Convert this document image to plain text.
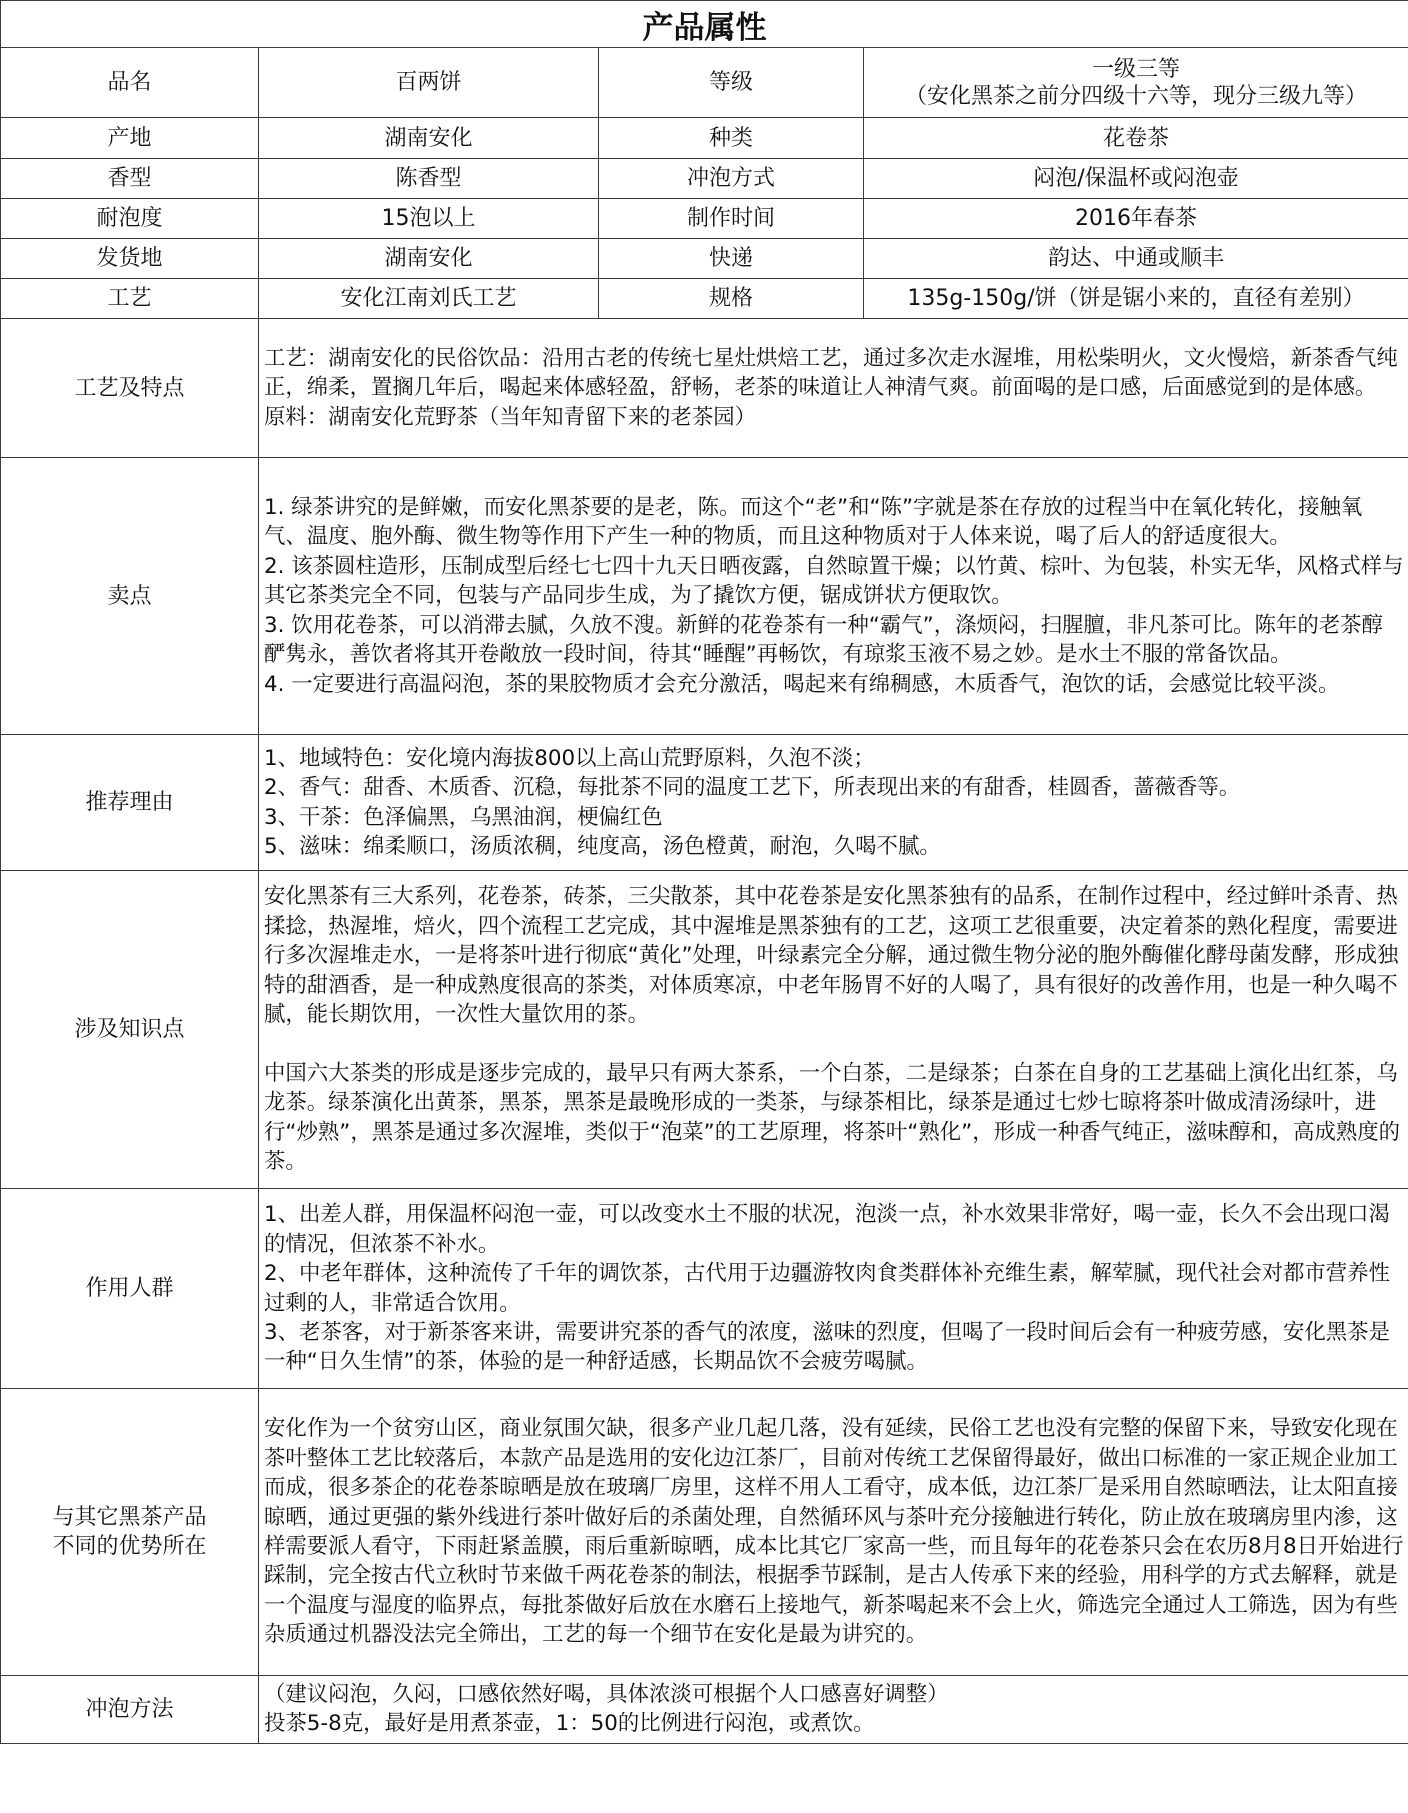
产品属性			
品名	百两饼	等级	一级三等
（安化黑茶之前分四级十六等，现分三级九等）

产地	湖南安化	种类	花卷茶
香型	陈香型	冲泡方式	闷泡/保温杯或闷泡壶
耐泡度	15泡以上	制作时间	2016年春茶
发货地	湖南安化	快递	韵达、中通或顺丰
工艺	安化江南刘氏工艺	规格	135g-150g/饼（饼是锯小来的，直径有差别）
工艺及特点	工艺：湖南安化的民俗饮品：沿用古老的传统七星灶烘焙工艺，通过多次走水渥堆，用松柴明火，文火慢焙，新茶香气纯正，绵柔，置搁几年后，喝起来体感轻盈，舒畅，老茶的味道让人神清气爽。前面喝的是口感，后面感觉到的是体感。

原料：湖南安化荒野茶（当年知青留下来的老茶园）		

卖点	1. 绿茶讲究的是鲜嫩，而安化黑茶要的是老，陈。而这个“老”和“陈”字就是茶在存放的过程当中在氧化转化，接触氧气、温度、胞外酶、微生物等作用下产生一种的物质，而且这种物质对于人体来说，喝了后人的舒适度很大。

2. 该茶圆柱造形，压制成型后经七七四十九天日晒夜露，自然晾置干燥；以竹黄、棕叶、为包装，朴实无华，风格式样与其它茶类完全不同，包装与产品同步生成，为了撬饮方便，锯成饼状方便取饮。

3. 饮用花卷茶，可以消滞去腻，久放不溲。新鲜的花卷茶有一种“霸气”，涤烦闷，扫腥膻，非凡茶可比。陈年的老茶醇酽隽永，善饮者将其开卷敞放一段时间，待其“睡醒”再畅饮，有琼浆玉液不易之妙。是水土不服的常备饮品。

4. 一定要进行高温闷泡，茶的果胶物质才会充分激活，喝起来有绵稠感，木质香气，泡饮的话，会感觉比较平淡。		

推荐理由	1、地域特色：安化境内海拔800以上高山荒野原料，久泡不淡；

2、香气：甜香、木质香、沉稳，每批茶不同的温度工艺下，所表现出来的有甜香，桂圆香，蔷薇香等。

3、干茶：色泽偏黑，乌黑油润，梗偏红色

5、滋味：绵柔顺口，汤质浓稠，纯度高，汤色橙黄，耐泡，久喝不腻。		

涉及知识点	安化黑茶有三大系列，花卷茶，砖茶，三尖散茶，其中花卷茶是安化黑茶独有的品系，在制作过程中，经过鲜叶杀青、热揉捻，热渥堆，焙火，四个流程工艺完成，其中渥堆是黑茶独有的工艺，这项工艺很重要，决定着茶的熟化程度，需要进行多次渥堆走水，一是将茶叶进行彻底“黄化”处理，叶绿素完全分解，通过微生物分泌的胞外酶催化酵母菌发酵，形成独特的甜酒香，是一种成熟度很高的茶类，对体质寒凉，中老年肠胃不好的人喝了，具有很好的改善作用，也是一种久喝不腻，能长期饮用，一次性大量饮用的茶。

中国六大茶类的形成是逐步完成的，最早只有两大茶系，一个白茶，二是绿茶；白茶在自身的工艺基础上演化出红茶，乌龙茶。绿茶演化出黄茶，黑茶，黑茶是最晚形成的一类茶，与绿茶相比，绿茶是通过七炒七晾将茶叶做成清汤绿叶，进行“炒熟”，黑茶是通过多次渥堆，类似于“泡菜”的工艺原理，将茶叶“熟化”，形成一种香气纯正，滋味醇和，高成熟度的茶。		

作用人群	1、出差人群，用保温杯闷泡一壶，可以改变水土不服的状况，泡淡一点，补水效果非常好，喝一壶，长久不会出现口渴的情况，但浓茶不补水。

2、中老年群体，这种流传了千年的调饮茶，古代用于边疆游牧肉食类群体补充维生素，解荤腻，现代社会对都市营养性过剩的人，非常适合饮用。

3、老茶客，对于新茶客来讲，需要讲究茶的香气的浓度，滋味的烈度，但喝了一段时间后会有一种疲劳感，安化黑茶是一种“日久生情”的茶，体验的是一种舒适感，长期品饮不会疲劳喝腻。		

与其它黑茶产品
不同的优势所在	安化作为一个贫穷山区，商业氛围欠缺，很多产业几起几落，没有延续，民俗工艺也没有完整的保留下来，导致安化现在茶叶整体工艺比较落后，本款产品是选用的安化边江茶厂，目前对传统工艺保留得最好，做出口标准的一家正规企业加工而成，很多茶企的花卷茶晾晒是放在玻璃厂房里，这样不用人工看守，成本低，边江茶厂是采用自然晾晒法，让太阳直接晾晒，通过更强的紫外线进行茶叶做好后的杀菌处理，自然循环风与茶叶充分接触进行转化，防止放在玻璃房里内渗，这样需要派人看守，下雨赶紧盖膜，雨后重新晾晒，成本比其它厂家高一些，而且每年的花卷茶只会在农历8月8日开始进行踩制，完全按古代立秋时节来做千两花卷茶的制法，根据季节踩制，是古人传承下来的经验，用科学的方式去解释，就是一个温度与湿度的临界点，每批茶做好后放在水磨石上接地气，新茶喝起来不会上火，筛选完全通过人工筛选，因为有些杂质通过机器没法完全筛出，工艺的每一个细节在安化是最为讲究的。		

冲泡方法	（建议闷泡，久闷，口感依然好喝，具体浓淡可根据个人口感喜好调整）

投茶5-8克，最好是用煮茶壶，1：50的比例进行闷泡，或煮饮。		
